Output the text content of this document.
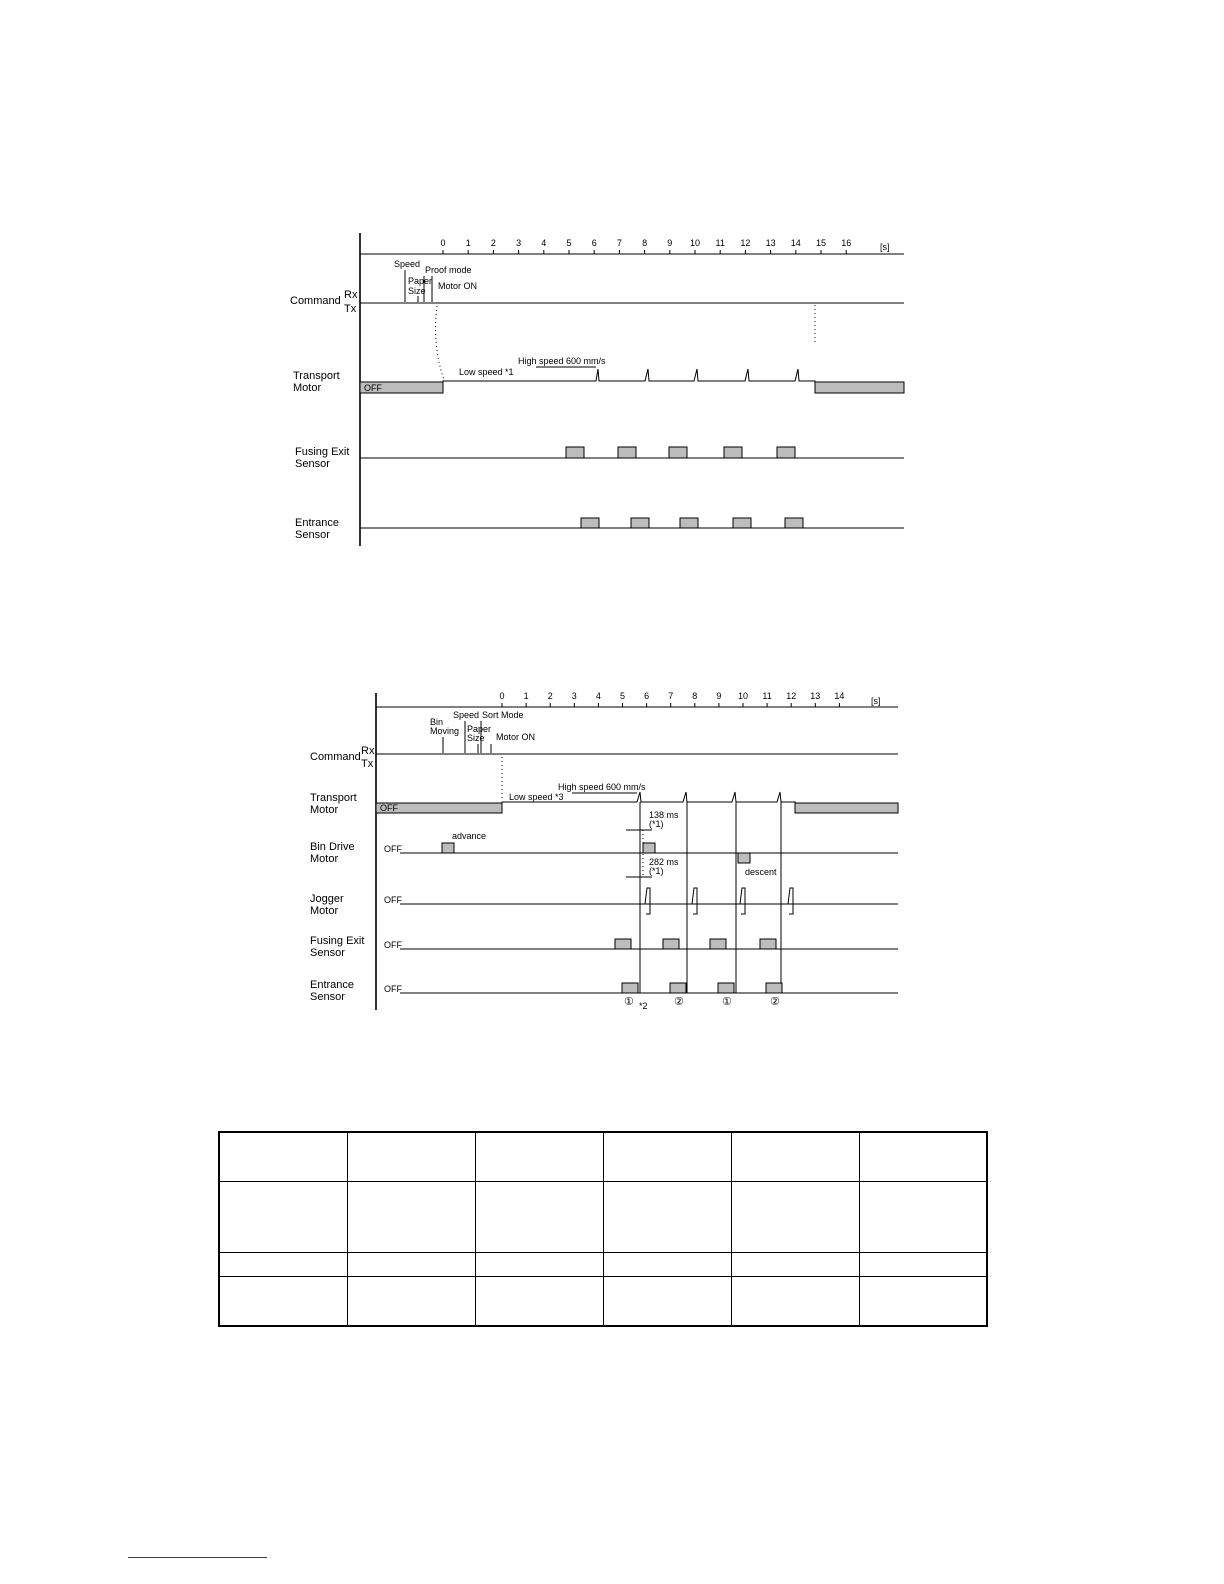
0 1 2 3 4 5 6 7 8 9 10 11 12 13 14 15 16	[s]
Command Rx
Tx
Speed
Paper
Size
Proof mode
Motor ON
Transport
Motor	OFF
Low speed *1
High speed 600 mm/s
Fusing Exit
Sensor
Entrance
Sensor
0 1 2 3 4 5 6 7 8 9 10 11 12 13 14	[s]
Command Rx
Tx
Bin
Moving
Speed Sort Mode
Paper
Size Motor ON
Transport
Motor	OFF
Low speed *3
High speed 600 mm/s
Bin Drive
Motor
OFF
advance
descent
138 ms
(*1)
282 ms
(*1)
Jogger
Motor
OFF
Fusing Exit
Sensor
OFF
Entrance
Sensor
OFF
① *2 ②	①	②
